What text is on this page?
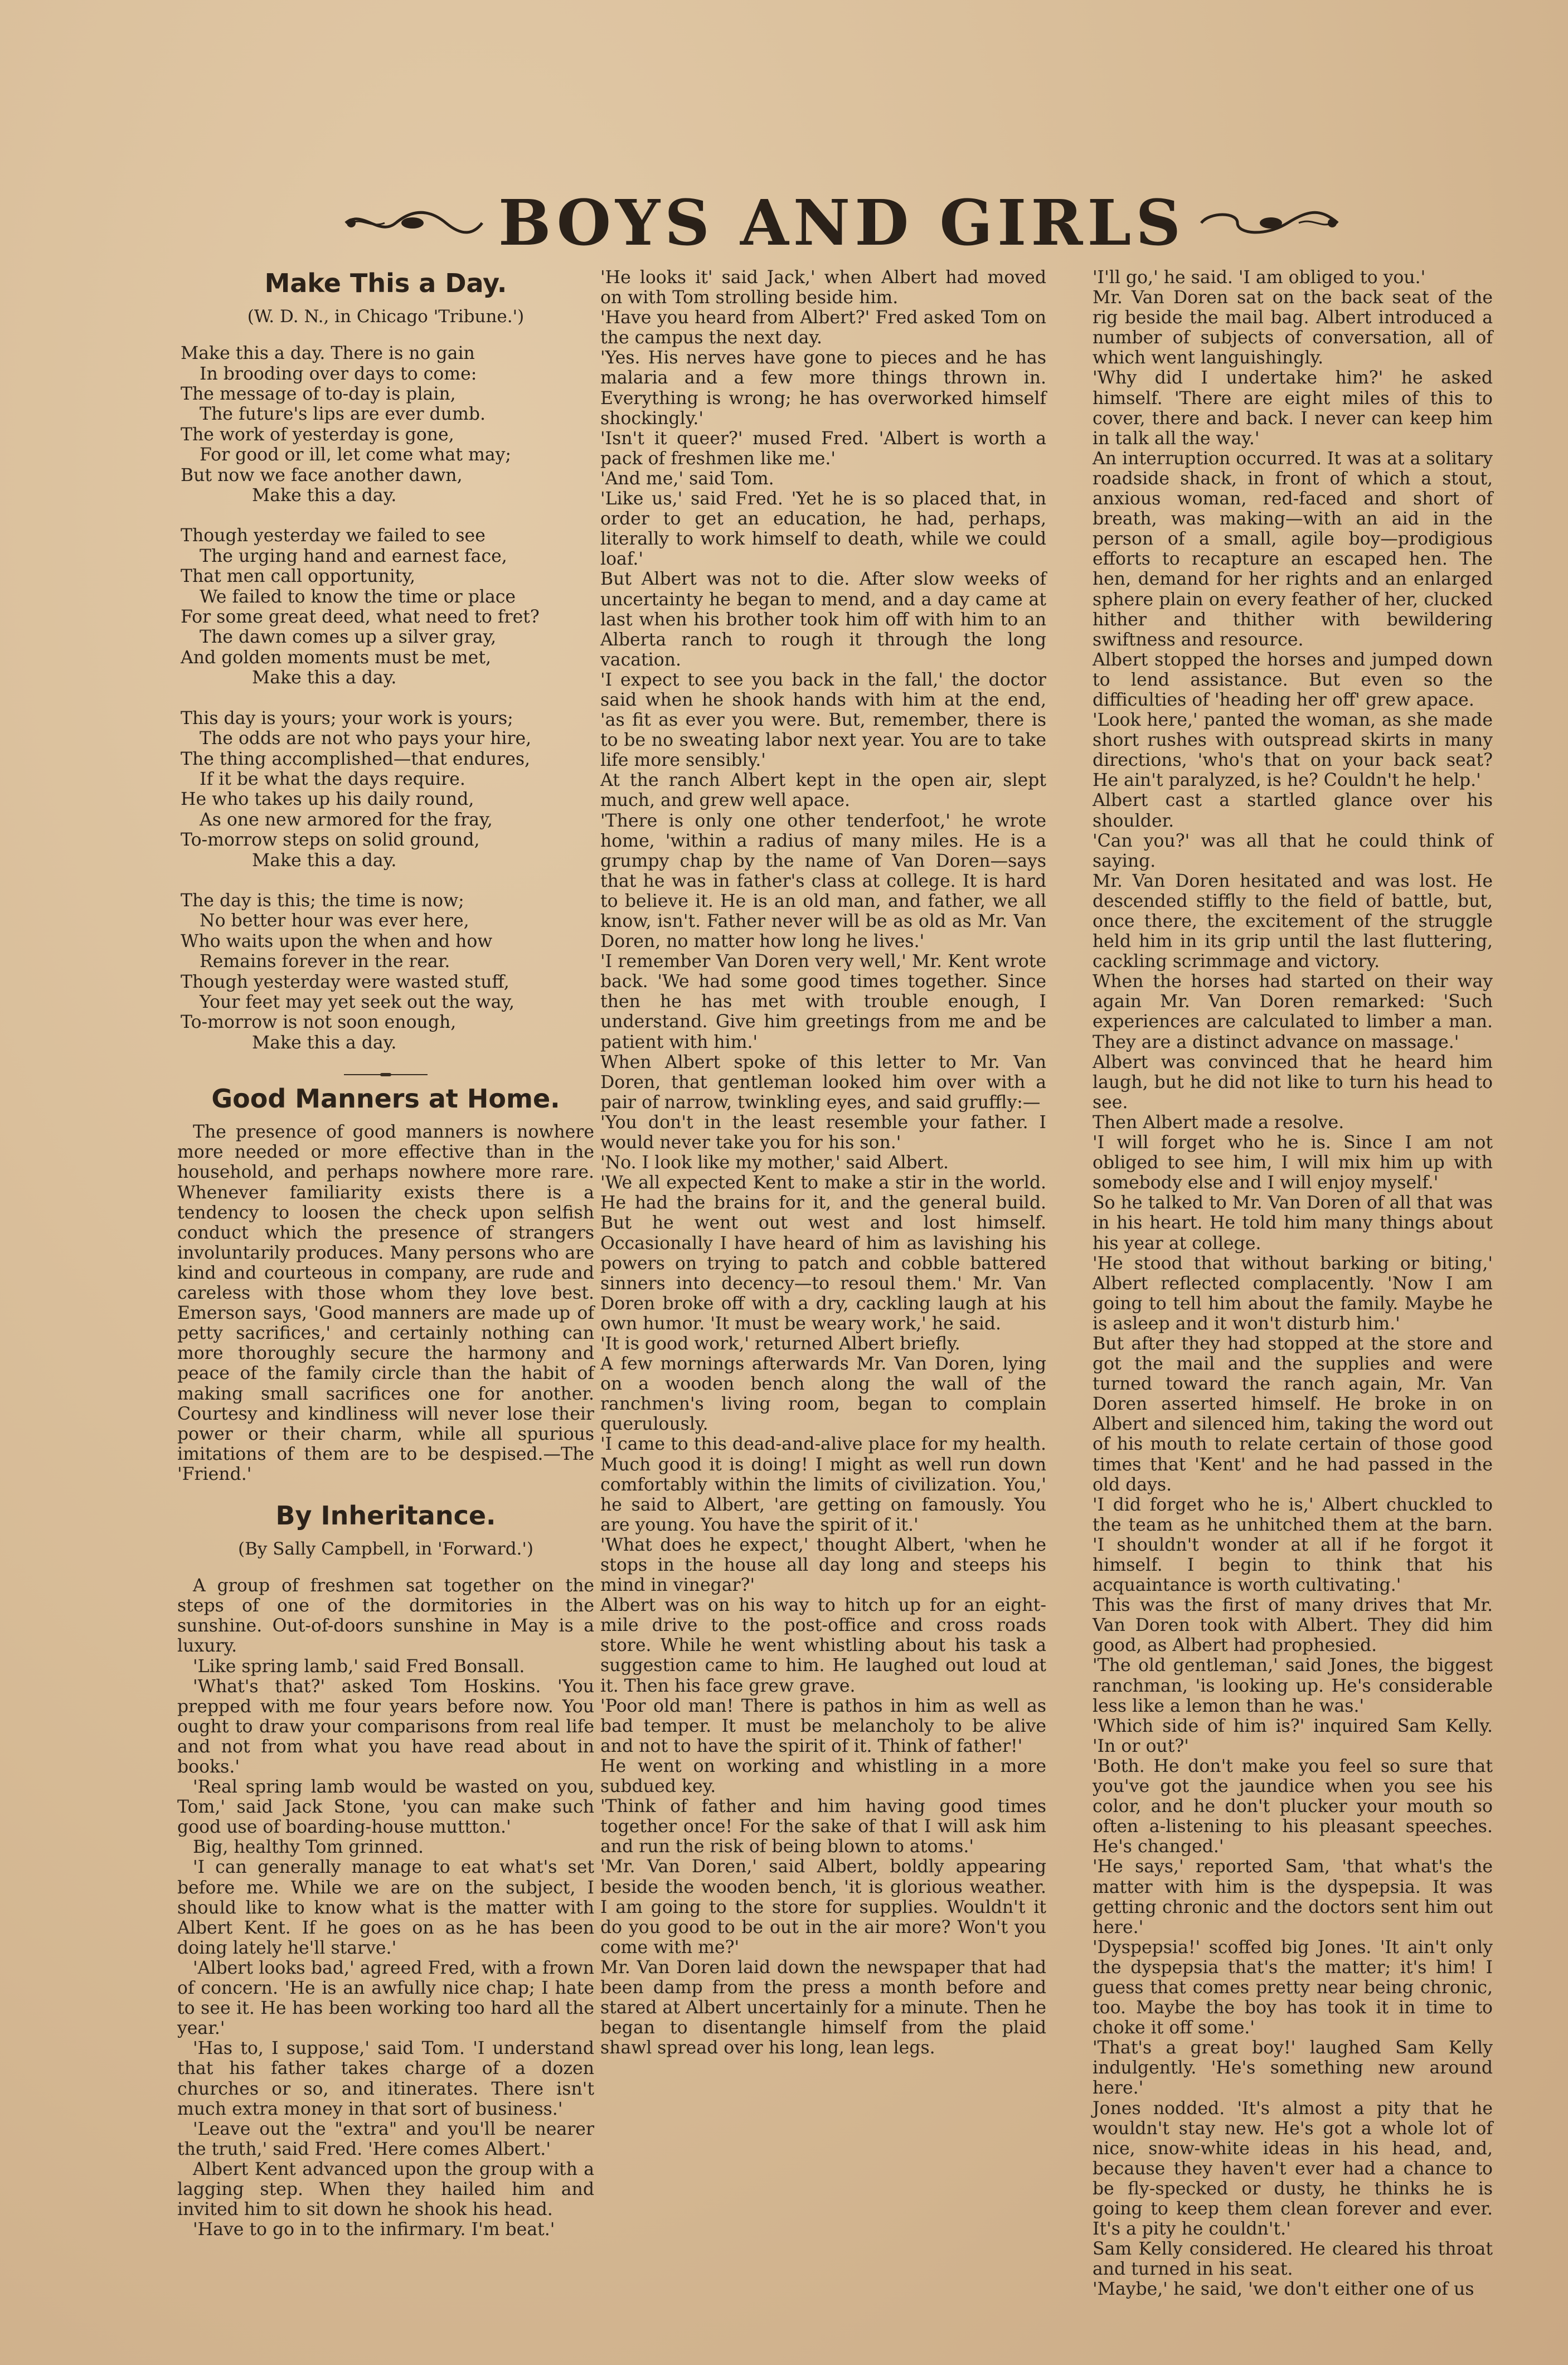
BOYS AND GIRLS
Make This a Day.
(W. D. N., in Chicago 'Tribune.')
Make this a day. There is no gain
In brooding over days to come:
The message of to-day is plain,
The future's lips are ever dumb.
The work of yesterday is gone,
For good or ill, let come what may;
But now we face another dawn,
Make this a day.
Though yesterday we failed to see
The urging hand and earnest face,
That men call opportunity,
We failed to know the time or place
For some great deed, what need to fret?
The dawn comes up a silver gray,
And golden moments must be met,
Make this a day.
This day is yours; your work is yours;
The odds are not who pays your hire,
The thing accomplished—that endures,
If it be what the days require.
He who takes up his daily round,
As one new armored for the fray,
To-morrow steps on solid ground,
Make this a day.
The day is this; the time is now;
No better hour was ever here,
Who waits upon the when and how
Remains forever in the rear.
Though yesterday were wasted stuff,
Your feet may yet seek out the way,
To-morrow is not soon enough,
Make this a day.
Good Manners at Home.

The presence of good manners is nowhere more needed or more effective than in the household, and perhaps nowhere more rare. Whenever familiarity exists there is a tendency to loosen the check upon selfish conduct which the presence of strangers involuntarily produces. Many persons who are kind and courteous in company, are rude and careless with those whom they love best. Emerson says, 'Good manners are made up of petty sacrifices,' and certainly nothing can more thoroughly secure the harmony and peace of the family circle than the habit of making small sacrifices one for another. Courtesy and kindliness will never lose their power or their charm, while all spurious imitations of them are to be despised.—The 'Friend.'

By Inheritance.
(By Sally Campbell, in 'Forward.')

A group of freshmen sat together on the steps of one of the dormitories in the sunshine. Out-of-doors sunshine in May is a luxury.

'Like spring lamb,' said Fred Bonsall.

'What's that?' asked Tom Hoskins. 'You prepped with me four years before now. You ought to draw your comparisons from real life and not from what you have read about in books.'

'Real spring lamb would be wasted on you, Tom,' said Jack Stone, 'you can make such good use of boarding-house muttton.'

Big, healthy Tom grinned.

'I can generally manage to eat what's set before me. While we are on the subject, I should like to know what is the matter with Albert Kent. If he goes on as he has been doing lately he'll starve.'

'Albert looks bad,' agreed Fred, with a frown of concern. 'He is an awfully nice chap; I hate to see it. He has been working too hard all the year.'

'Has to, I suppose,' said Tom. 'I understand that his father takes charge of a dozen churches or so, and itinerates. There isn't much extra money in that sort of business.'

'Leave out the "extra" and you'll be nearer the truth,' said Fred. 'Here comes Albert.'

Albert Kent advanced upon the group with a lagging step. When they hailed him and invited him to sit down he shook his head.

'Have to go in to the infirmary. I'm beat.'

'He looks it' said Jack,' when Albert had moved on with Tom strolling beside him.

'Have you heard from Albert?' Fred asked Tom on the campus the next day.

'Yes. His nerves have gone to pieces and he has malaria and a few more things thrown in. Everything is wrong; he has overworked himself shockingly.'

'Isn't it queer?' mused Fred. 'Albert is worth a pack of freshmen like me.'

'And me,' said Tom.

'Like us,' said Fred. 'Yet he is so placed that, in order to get an education, he had, perhaps, literally to work himself to death, while we could loaf.'

But Albert was not to die. After slow weeks of uncertainty he began to mend, and a day came at last when his brother took him off with him to an Alberta ranch to rough it through the long vacation.

'I expect to see you back in the fall,' the doctor said when he shook hands with him at the end, 'as fit as ever you were. But, remember, there is to be no sweating labor next year. You are to take life more sensibly.'

At the ranch Albert kept in the open air, slept much, and grew well apace.

'There is only one other tenderfoot,' he wrote home, 'within a radius of many miles. He is a grumpy chap by the name of Van Doren—says that he was in father's class at college. It is hard to believe it. He is an old man, and father, we all know, isn't. Father never will be as old as Mr. Van Doren, no matter how long he lives.'

'I remember Van Doren very well,' Mr. Kent wrote back. 'We had some good times together. Since then he has met with trouble enough, I understand. Give him greetings from me and be patient with him.'

When Albert spoke of this letter to Mr. Van Doren, that gentleman looked him over with a pair of narrow, twinkling eyes, and said gruffly:—

'You don't in the least resemble your father. I would never take you for his son.'

'No. I look like my mother,' said Albert.

'We all expected Kent to make a stir in the world. He had the brains for it, and the general build. But he went out west and lost himself. Occasionally I have heard of him as lavishing his powers on trying to patch and cobble battered sinners into decency—to resoul them.' Mr. Van Doren broke off with a dry, cackling laugh at his own humor. 'It must be weary work,' he said.

'It is good work,' returned Albert briefly.

A few mornings afterwards Mr. Van Doren, lying on a wooden bench along the wall of the ranchmen's living room, began to complain querulously.

'I came to this dead-and-alive place for my health. Much good it is doing! I might as well run down comfortably within the limits of civilization. You,' he said to Albert, 'are getting on famously. You are young. You have the spirit of it.'

'What does he expect,' thought Albert, 'when he stops in the house all day long and steeps his mind in vinegar?'

Albert was on his way to hitch up for an eight-mile drive to the post-office and cross roads store. While he went whistling about his task a suggestion came to him. He laughed out loud at it. Then his face grew grave.

'Poor old man! There is pathos in him as well as bad temper. It must be melancholy to be alive and not to have the spirit of it. Think of father!'

He went on working and whistling in a more subdued key.

'Think of father and him having good times together once! For the sake of that I will ask him and run the risk of being blown to atoms.'

'Mr. Van Doren,' said Albert, boldly appearing beside the wooden bench, 'it is glorious weather. I am going to the store for supplies. Wouldn't it do you good to be out in the air more? Won't you come with me?'

Mr. Van Doren laid down the newspaper that had been damp from the press a month before and stared at Albert uncertainly for a minute. Then he began to disentangle himself from the plaid shawl spread over his long, lean legs.

'I'll go,' he said. 'I am obliged to you.'

Mr. Van Doren sat on the back seat of the rig beside the mail bag. Albert introduced a number of subjects of conversation, all of which went languishingly.

'Why did I undertake him?' he asked himself. 'There are eight miles of this to cover, there and back. I never can keep him in talk all the way.'

An interruption occurred. It was at a solitary roadside shack, in front of which a stout, anxious woman, red-faced and short of breath, was making—with an aid in the person of a small, agile boy—prodigious efforts to recapture an escaped hen. The hen, demand for her rights and an enlarged sphere plain on every feather of her, clucked hither and thither with bewildering swiftness and resource.

Albert stopped the horses and jumped down to lend assistance. But even so the difficulties of 'heading her off' grew apace.

'Look here,' panted the woman, as she made short rushes with outspread skirts in many directions, 'who's that on your back seat? He ain't paralyzed, is he? Couldn't he help.'

Albert cast a startled glance over his shoulder.

'Can you?' was all that he could think of saying.

Mr. Van Doren hesitated and was lost. He descended stiffly to the field of battle, but, once there, the excitement of the struggle held him in its grip until the last fluttering, cackling scrimmage and victory.

When the horses had started on their way again Mr. Van Doren remarked: 'Such experiences are calculated to limber a man. They are a distinct advance on massage.'

Albert was convinced that he heard him laugh, but he did not like to turn his head to see.

Then Albert made a resolve.

'I will forget who he is. Since I am not obliged to see him, I will mix him up with somebody else and I will enjoy myself.'

So he talked to Mr. Van Doren of all that was in his heart. He told him many things about his year at college.

'He stood that without barking or biting,' Albert reflected complacently. 'Now I am going to tell him about the family. Maybe he is asleep and it won't disturb him.'

But after they had stopped at the store and got the mail and the supplies and were turned toward the ranch again, Mr. Van Doren asserted himself. He broke in on Albert and silenced him, taking the word out of his mouth to relate certain of those good times that 'Kent' and he had passed in the old days.

'I did forget who he is,' Albert chuckled to the team as he unhitched them at the barn. 'I shouldn't wonder at all if he forgot it himself. I begin to think that his acquaintance is worth cultivating.'

This was the first of many drives that Mr. Van Doren took with Albert. They did him good, as Albert had prophesied.

'The old gentleman,' said Jones, the biggest ranchman, 'is looking up. He's considerable less like a lemon than he was.'

'Which side of him is?' inquired Sam Kelly. 'In or out?'

'Both. He don't make you feel so sure that you've got the jaundice when you see his color, and he don't plucker your mouth so often a-listening to his pleasant speeches. He's changed.'

'He says,' reported Sam, 'that what's the matter with him is the dyspepsia. It was getting chronic and the doctors sent him out here.'

'Dyspepsia!' scoffed big Jones. 'It ain't only the dyspepsia that's the matter; it's him! I guess that comes pretty near being chronic, too. Maybe the boy has took it in time to choke it off some.'

'That's a great boy!' laughed Sam Kelly indulgently. 'He's something new around here.'

Jones nodded. 'It's almost a pity that he wouldn't stay new. He's got a whole lot of nice, snow-white ideas in his head, and, because they haven't ever had a chance to be fly-specked or dusty, he thinks he is going to keep them clean forever and ever. It's a pity he couldn't.'

Sam Kelly considered. He cleared his throat and turned in his seat.

'Maybe,' he said, 'we don't either one of us
